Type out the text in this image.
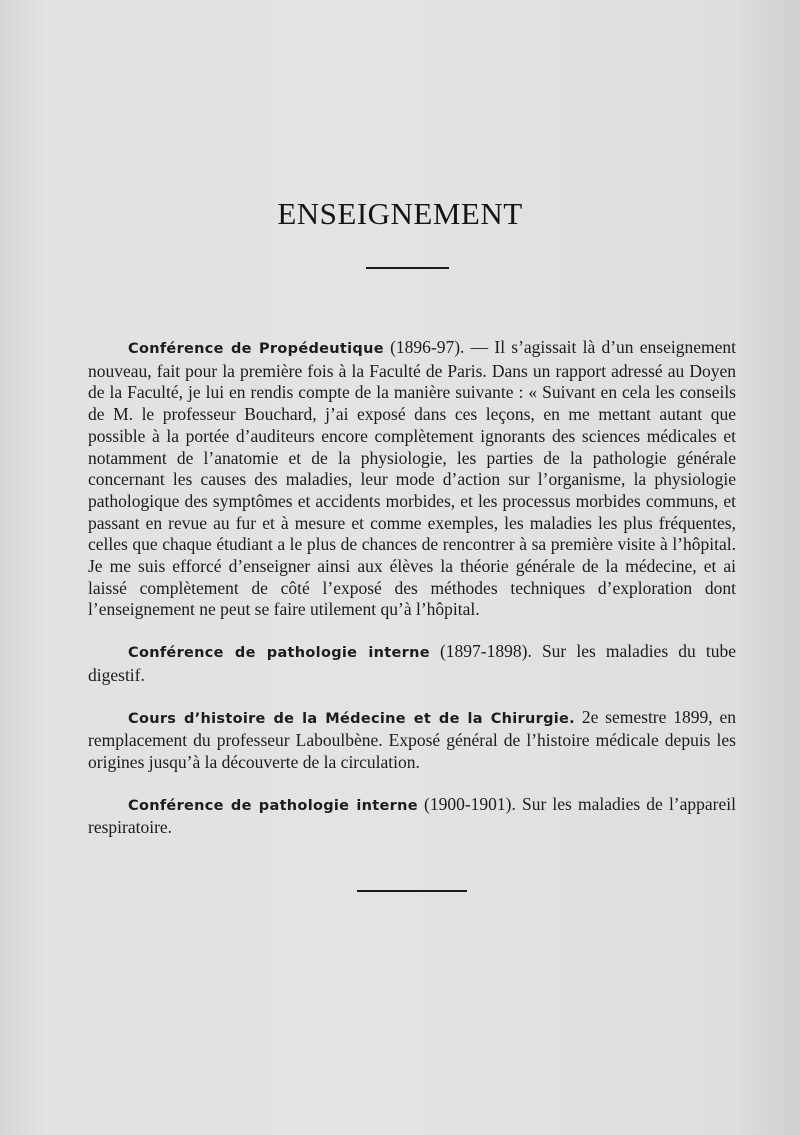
ENSEIGNEMENT

Conférence de Propédeutique (1896-97). — Il s’agissait là d’un enseignement nouveau, fait pour la première fois à la Faculté de Paris. Dans un rapport adressé au Doyen de la Faculté, je lui en rendis compte de la manière suivante : « Suivant en cela les conseils de M. le professeur Bouchard, j’ai exposé dans ces leçons, en me mettant autant que possible à la portée d’auditeurs encore complètement ignorants des sciences médicales et notamment de l’anatomie et de la physiologie, les parties de la pathologie générale concernant les causes des maladies, leur mode d’action sur l’organisme, la physiologie pathologique des symptômes et accidents morbides, et les processus morbides communs, et passant en revue au fur et à mesure et comme exemples, les maladies les plus fréquentes, celles que chaque étudiant a le plus de chances de rencontrer à sa première visite à l’hôpital. Je me suis efforcé d’enseigner ainsi aux élèves la théorie générale de la médecine, et ai laissé complètement de côté l’exposé des méthodes techniques d’exploration dont l’enseignement ne peut se faire utilement qu’à l’hôpital.

Conférence de pathologie interne (1897-1898). Sur les maladies du tube digestif.

Cours d’histoire de la Médecine et de la Chirurgie. 2e semestre 1899, en remplacement du professeur Laboulbène. Exposé général de l’histoire médicale depuis les origines jusqu’à la découverte de la circulation.

Conférence de pathologie interne (1900-1901). Sur les maladies de l’appareil respiratoire.
